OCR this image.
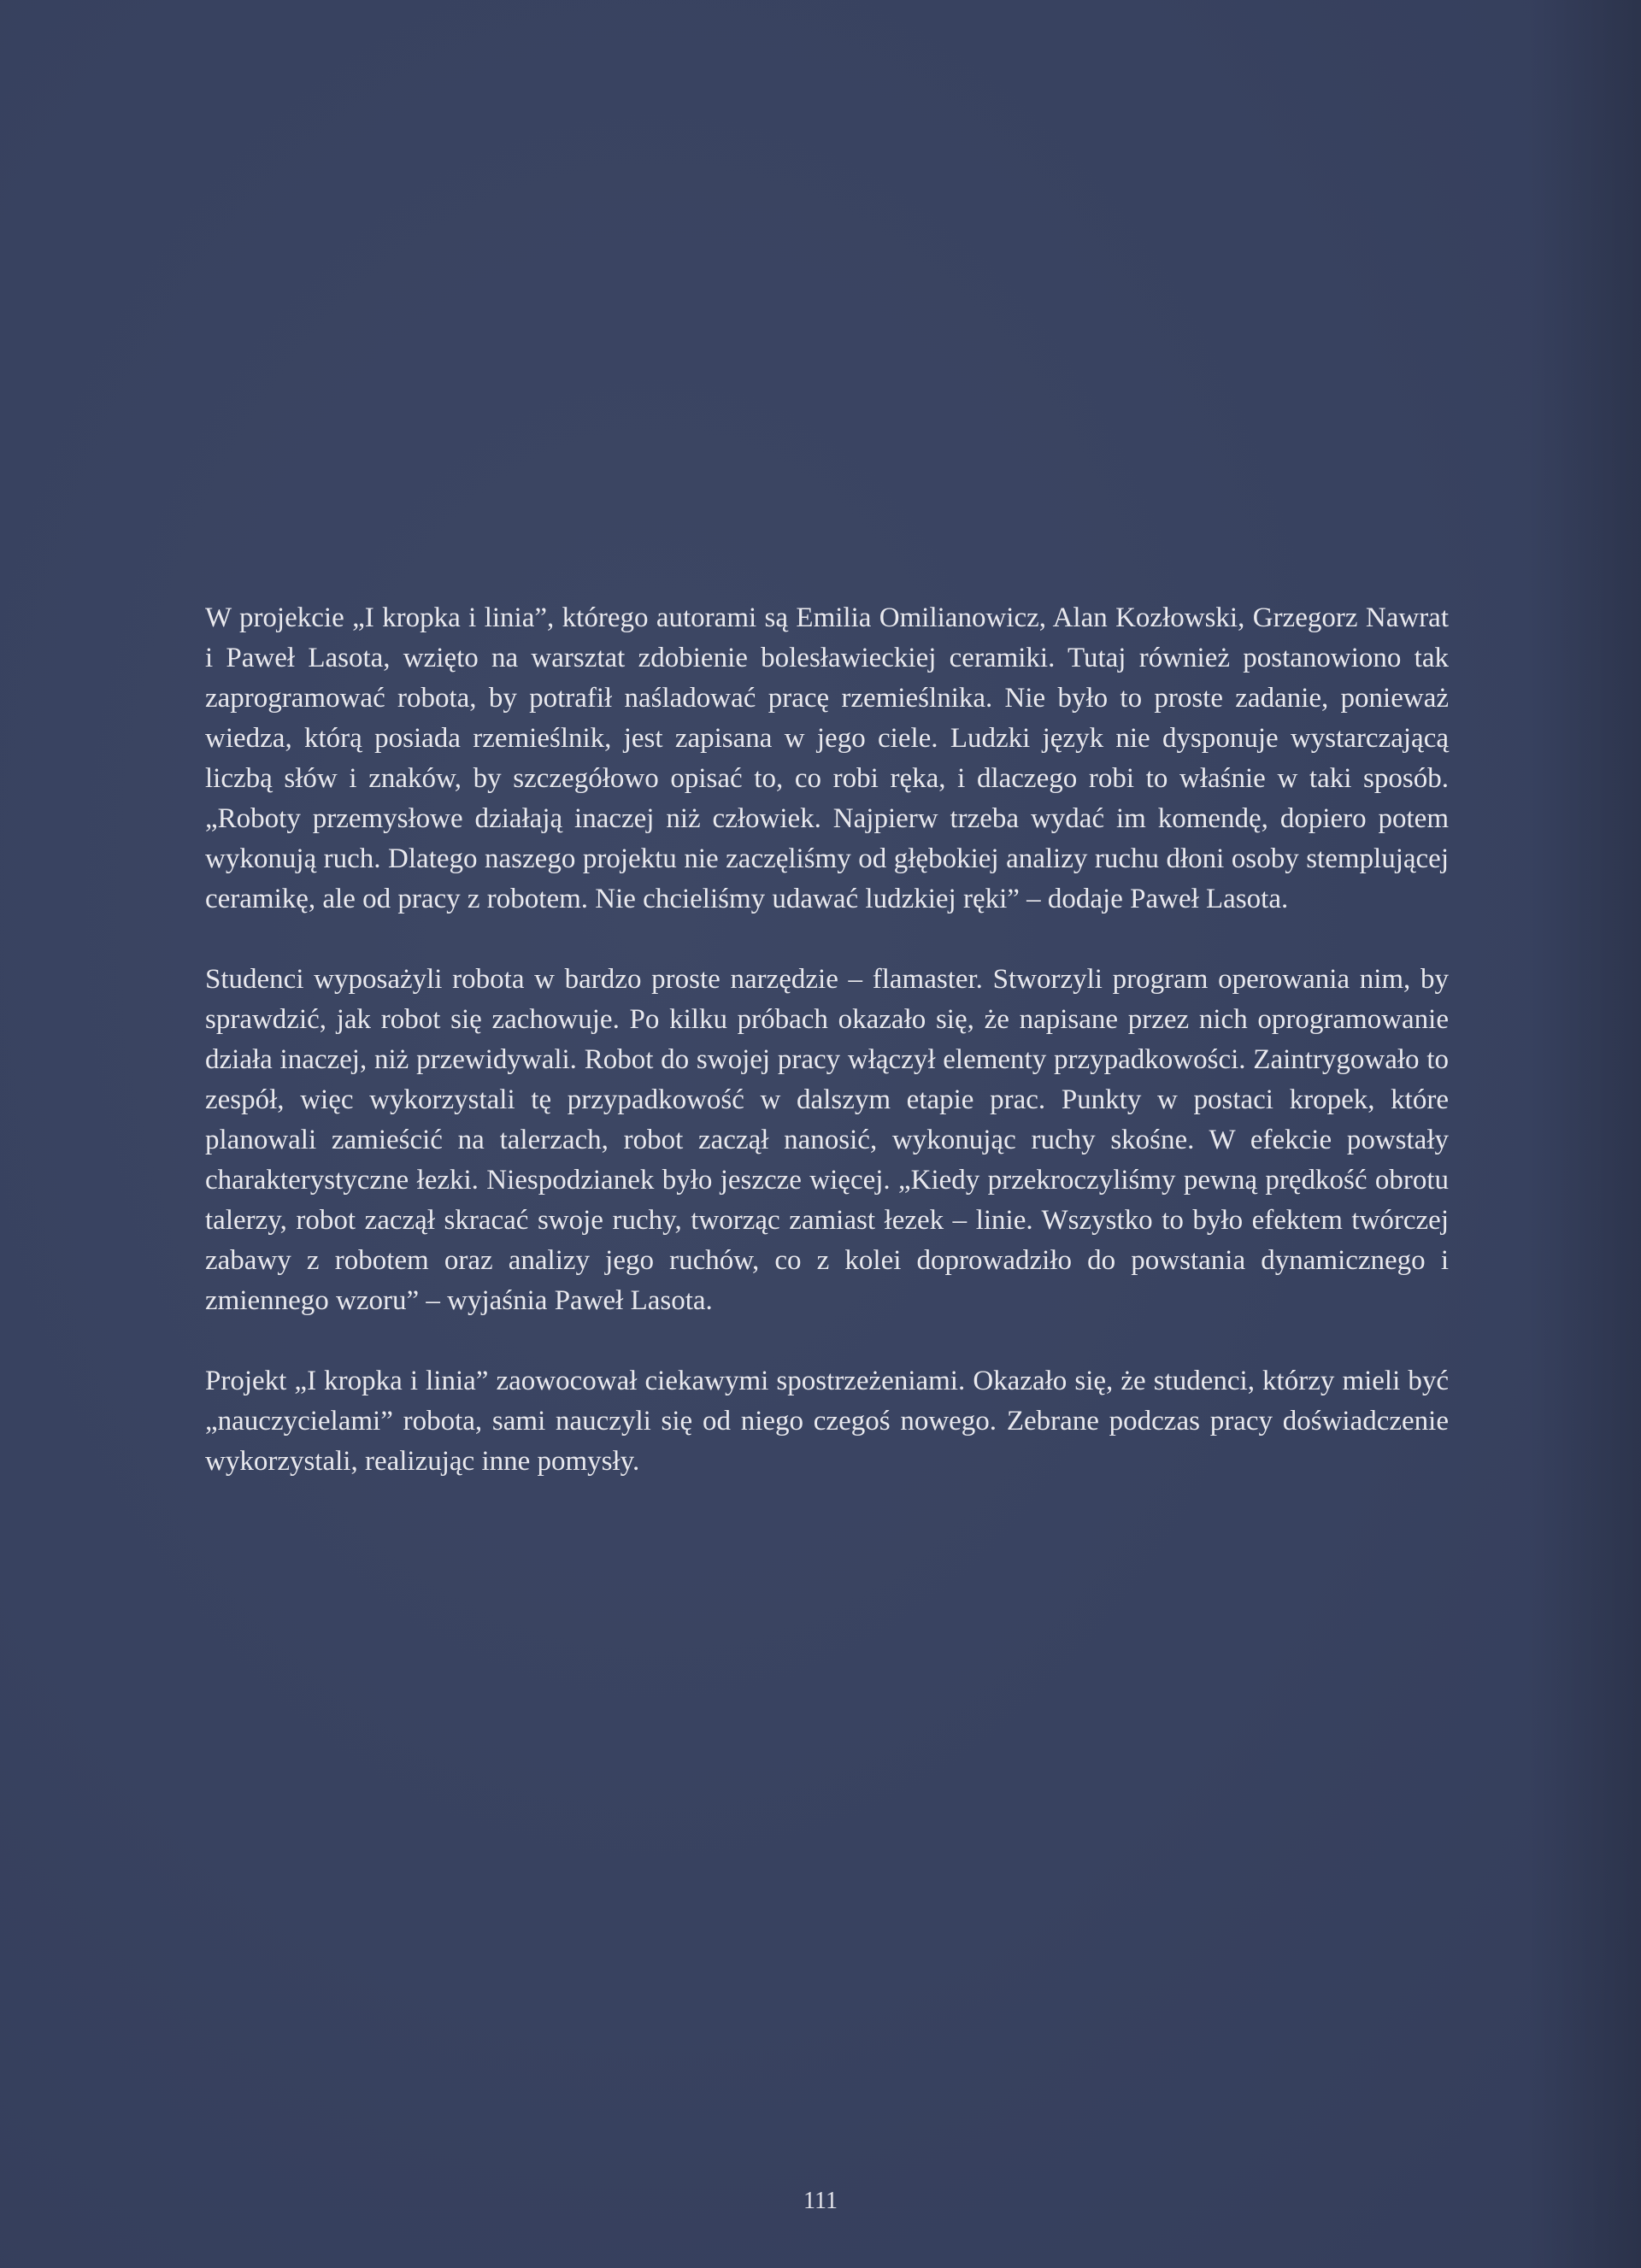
W projekcie „I kropka i linia”, którego autorami są Emilia Omilianowicz, Alan Kozłowski, Grzegorz Nawrat i Paweł Lasota, wzięto na warsztat zdobienie bolesławieckiej ceramiki. Tutaj również postanowiono tak zaprogramować robota, by potrafił naśladować pracę rzemieślnika. Nie było to proste zadanie, ponieważ wiedza, którą posiada rzemieślnik, jest zapisana w jego ciele. Ludzki język nie dysponuje wystarczającą liczbą słów i znaków, by szczegółowo opisać to, co robi ręka, i dlaczego robi to właśnie w taki sposób. „Roboty przemysłowe działają inaczej niż człowiek. Najpierw trzeba wydać im komendę, dopiero potem wykonują ruch. Dlatego naszego projektu nie zaczęliśmy od głębokiej analizy ruchu dłoni osoby stemplującej ceramikę, ale od pracy z robotem. Nie chcieliśmy udawać ludzkiej ręki” – dodaje Paweł Lasota.

Studenci wyposażyli robota w bardzo proste narzędzie – flamaster. Stworzyli program operowania nim, by sprawdzić, jak robot się zachowuje. Po kilku próbach okazało się, że napisane przez nich oprogramowanie działa inaczej, niż przewidywali. Robot do swojej pracy włączył elementy przypadkowości. Zaintrygowało to zespół, więc wykorzystali tę przypadkowość w dalszym etapie prac. Punkty w postaci kropek, które planowali zamieścić na talerzach, robot zaczął nanosić, wykonując ruchy skośne. W efekcie powstały charakterystyczne łezki. Niespodzianek było jeszcze więcej. „Kiedy przekroczyliśmy pewną prędkość obrotu talerzy, robot zaczął skracać swoje ruchy, tworząc zamiast łezek – linie. Wszystko to było efektem twórczej zabawy z robotem oraz analizy jego ruchów, co z kolei doprowadziło do powstania dynamicznego i zmiennego wzoru” – wyjaśnia Paweł Lasota.

Projekt „I kropka i linia” zaowocował ciekawymi spostrzeżeniami. Okazało się, że studenci, którzy mieli być „nauczycielami” robota, sami nauczyli się od niego czegoś nowego. Zebrane podczas pracy doświadczenie wykorzystali, realizując inne pomysły.

111
